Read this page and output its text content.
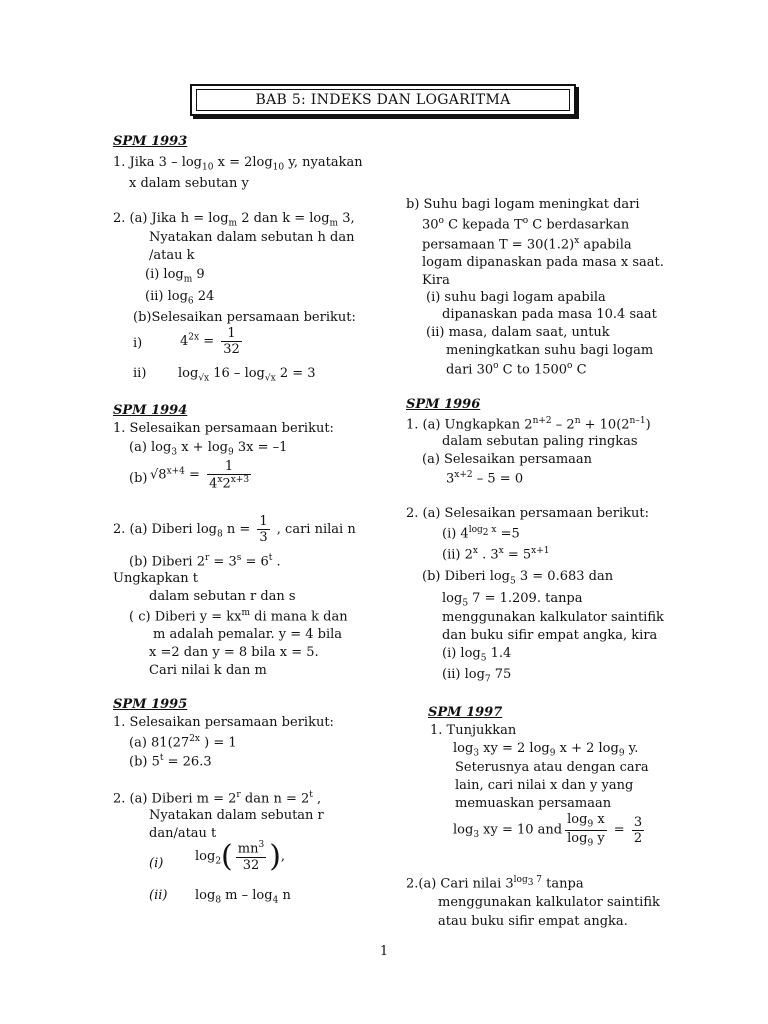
BAB 5: INDEKS DAN LOGARITMA
SPM 1993
1. Jika $3 - \log_{10} x = 2\log_{10}$ y, nyatakan
x dalam sebutan y
2. (a) Jika $h = \log_m 2$ dan $k = \log_m 3$,
Nyatakan dalam sebutan h dan
/atau k
(i) $\log_m 9$
(ii) $\log_6 24$
(b)Selesaikan persamaan berikut:
i)	$4^{2x} = \frac{1}{32}$
ii) $\log_{√x} 16 - \log_{√x} 2 = 3$
SPM 1994
1. Selesaikan persamaan berikut:
(a) $\log_3 x + \log_9 3x = -1$
(b) $√8^{x+4} = \frac{1}{4^x2^{x+3}}$
2. (a) Diberi $\log_8 n = \frac{1}{3}$ , cari nilai n
(b) Diberi $2^r = 3^s = 6^t$ .
Ungkapkan t
dalam sebutan r dan s
( c) Diberi $y = kx^m$ di mana k dan
m adalah pemalar. y = 4 bila
x =2 dan y = 8 bila x = 5.
Cari nilai k dan m
SPM 1995
1. Selesaikan persamaan berikut:
(a) $81(27^{2x}$ ) = 1
(b) $5^t = 26.3$
2. (a) Diberi $m = 2^r$ dan $n = 2^t$ ,
Nyatakan dalam sebutan r
dan/atau t
(i) $\log_2( \frac{mn^3}{32}$ ),
(ii) $\log_8 m - \log_4 n$
b) Suhu bagi logam meningkat dari
30$^o$ C kepada $T^o$ C berdasarkan
persamaan $T = 30(1.2)^x$ apabila
logam dipanaskan pada masa x saat.
Kira
(i) suhu bagi logam apabila
dipanaskan pada masa 10.4 saat
(ii) masa, dalam saat, untuk
meningkatkan suhu bagi logam
dari 30$^o$ C to 1500$^o$ C
SPM 1996
1. (a) Ungkapkan $2^{n+2} - 2^n + 10(2^{n-1})$
dalam sebutan paling ringkas
(a) Selesaikan persamaan
$3^{x+2} - 5 = 0$
2. (a) Selesaikan persamaan berikut:
(i) $4^{log_2 x} =5$
(ii) 2$^x$ . $3^x = 5^{x+1}$
(b) Diberi $\log_5 3 = 0.683$ dan
$\log_5 7 = 1.209$. tanpa
menggunakan kalkulator saintifik
dan buku sifir empat angka, kira
(i) $\log_5 1.4$
(ii) $\log_7 75$
SPM 1997
1. Tunjukkan
$\log_3$ xy = 2 $\log_9 x + 2$ $\log_9 y$.
Seterusnya atau dengan cara
lain, cari nilai x dan y yang
memuaskan persamaan
$\log_3$ xy = 10 and $\frac{\log_9 x}{\log_9 y} = \frac{3}{2}$
2.(a) Cari nilai $3^{log_3 7}$ tanpa
menggunakan kalkulator saintifik
atau buku sifir empat angka.
1
